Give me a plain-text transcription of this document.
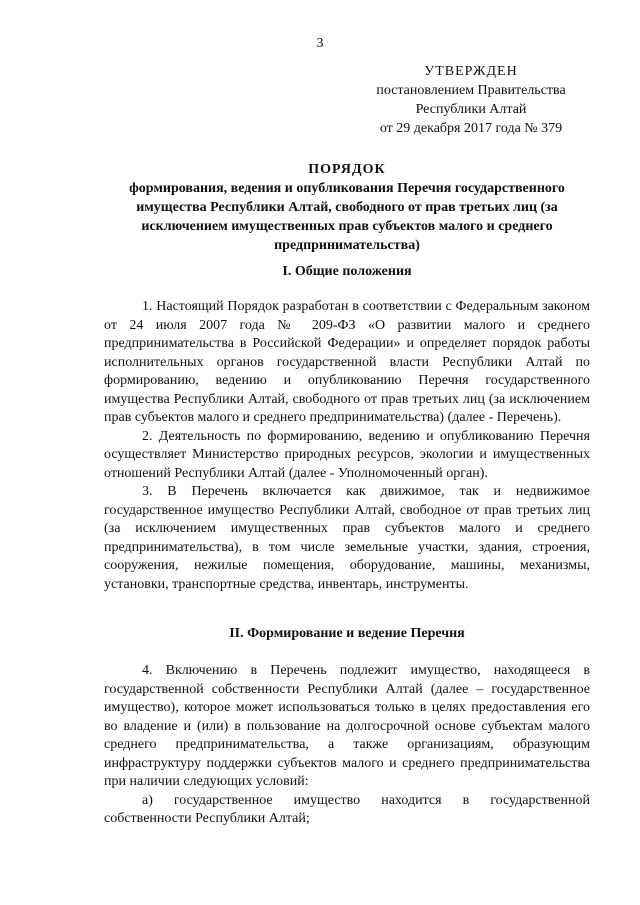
3
УТВЕРЖДЕН
постановлением Правительства
Республики Алтай
от 29 декабря 2017 года № 379
ПОРЯДОК
формирования, ведения и опубликования Перечня государственного имущества Республики Алтай, свободного от прав третьих лиц (за исключением имущественных прав субъектов малого и среднего предпринимательства)
I. Общие положения

1. Настоящий Порядок разработан в соответствии с Федеральным законом от 24 июля 2007 года № 209-ФЗ «О развитии малого и среднего предпринимательства в Российской Федерации» и определяет порядок работы исполнительных органов государственной власти Республики Алтай по формированию, ведению и опубликованию Перечня государственного имущества Республики Алтай, свободного от прав третьих лиц (за исключением прав субъектов малого и среднего предпринимательства) (далее - Перечень).

2. Деятельность по формированию, ведению и опубликованию Перечня осуществляет Министерство природных ресурсов, экологии и имущественных отношений Республики Алтай (далее - Уполномоченный орган).

3. В Перечень включается как движимое, так и недвижимое государственное имущество Республики Алтай, свободное от прав третьих лиц (за исключением имущественных прав субъектов малого и среднего предпринимательства), в том числе земельные участки, здания, строения, сооружения, нежилые помещения, оборудование, машины, механизмы, установки, транспортные средства, инвентарь, инструменты.

II. Формирование и ведение Перечня

4. Включению в Перечень подлежит имущество, находящееся в государственной собственности Республики Алтай (далее – государственное имущество), которое может использоваться только в целях предоставления его во владение и (или) в пользование на долгосрочной основе субъектам малого среднего предпринимательства, а также организациям, образующим инфраструктуру поддержки субъектов малого и среднего предпринимательства при наличии следующих условий:

а) государственное имущество находится в государственной собственности Республики Алтай;
